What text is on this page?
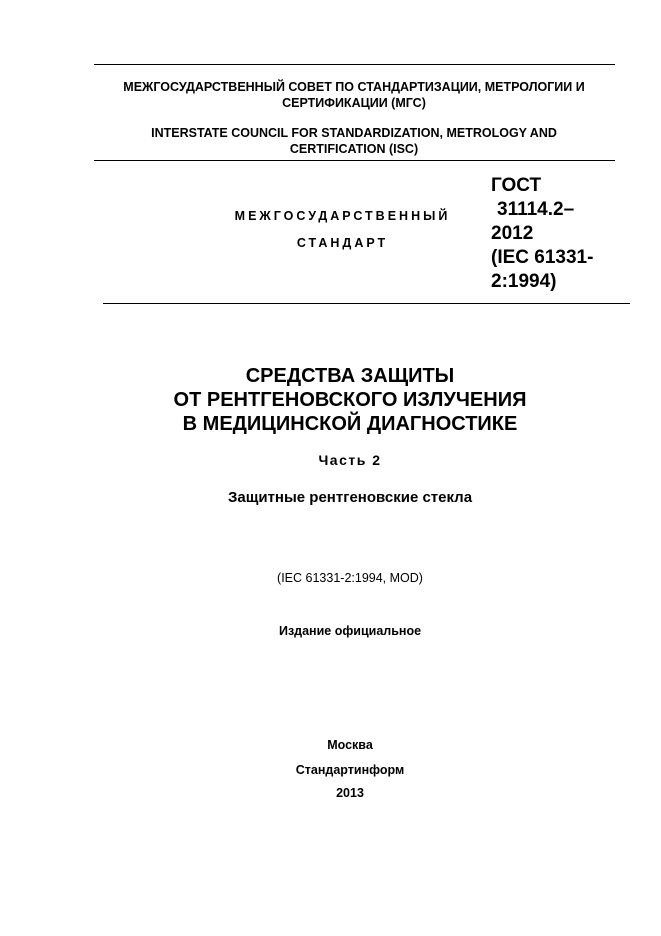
МЕЖГОСУДАРСТВЕННЫЙ СОВЕТ ПО СТАНДАРТИЗАЦИИ, МЕТРОЛОГИИ И
СЕРТИФИКАЦИИ (МГС)
INTERSTATE COUNCIL FOR STANDARDIZATION, METROLOGY AND
CERTIFICATION (ISC)
МЕЖГОСУДАРСТВЕННЫЙ
СТАНДАРТ
ГОСТ
31114.2–
2012
(IEC 61331-
2:1994)
СРЕДСТВА ЗАЩИТЫ
ОТ РЕНТГЕНОВСКОГО ИЗЛУЧЕНИЯ
В МЕДИЦИНСКОЙ ДИАГНОСТИКЕ
Часть 2
Защитные рентгеновские стекла
(IEC 61331-2:1994, MOD)
Издание официальное
Москва
Стандартинформ
2013
